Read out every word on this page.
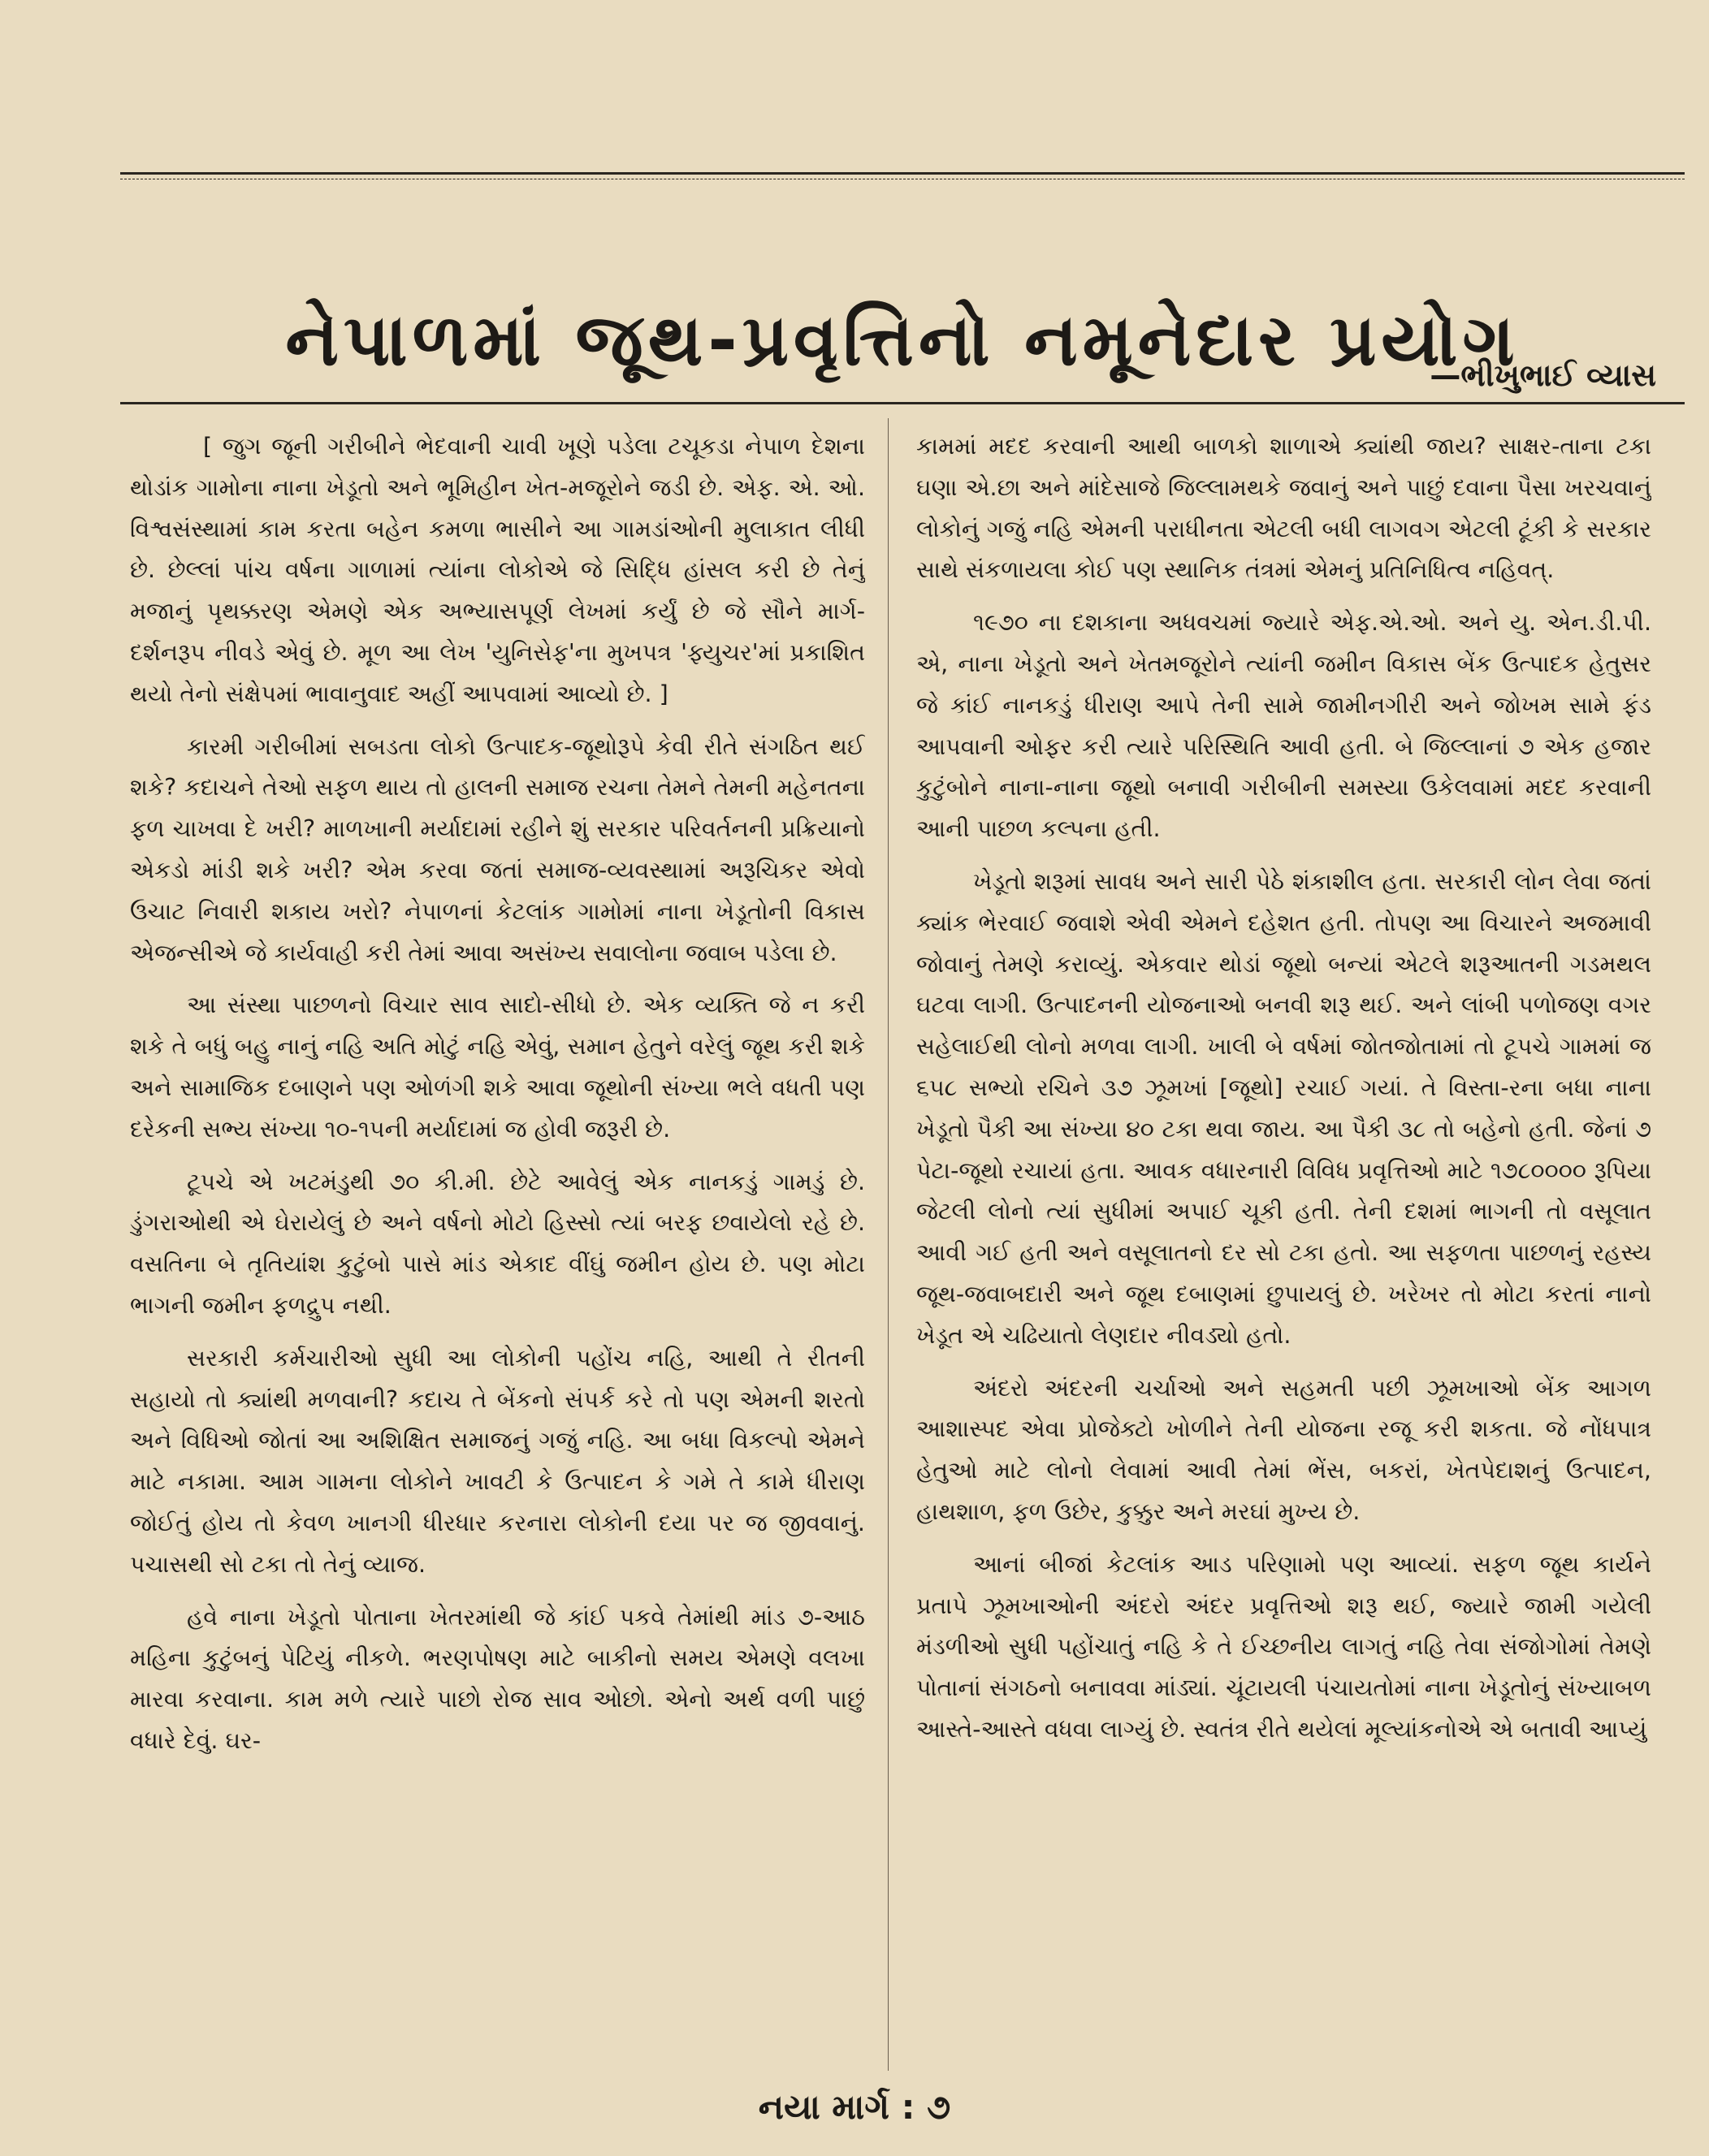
નેપાળમાં જૂથ-પ્રવૃત્તિનો નમૂનેદાર પ્રયોગ
—ભીખુભાઈ વ્યાસ

[ જુગ જૂની ગરીબીને ભેદવાની ચાવી ખૂણે પડેલા ટચૂકડા નેપાળ દેશના થોડાંક ગામોના નાના ખેડૂતો અને ભૂમિહીન ખેત-મજૂરોને જડી છે. એફ. એ. ઓ. વિશ્વસંસ્થામાં કામ કરતા બહેન કમળા ભાસીને આ ગામડાંઓની મુલાકાત લીધી છે. છેલ્લાં પાંચ વર્ષના ગાળામાં ત્યાંના લોકોએ જે સિદ્ધિ હાંસલ કરી છે તેનું મજાનું પૃથક્કરણ એમણે એક અભ્યાસપૂર્ણ લેખમાં કર્યું છે જે સૌને માર્ગ-દર્શનરૂપ નીવડે એવું છે. મૂળ આ લેખ 'યુનિસેફ'ના મુખપત્ર 'ફ્યુચર'માં પ્રકાશિત થયો તેનો સંક્ષેપમાં ભાવાનુવાદ અહીં આપવામાં આવ્યો છે. ]

કારમી ગરીબીમાં સબડતા લોકો ઉત્પાદક-જૂથોરૂપે કેવી રીતે સંગઠિત થઈ શકે? કદાચને તેઓ સફળ થાય તો હાલની સમાજ રચના તેમને તેમની મહેનતના ફળ ચાખવા દે ખરી? માળખાની મર્યાદામાં રહીને શું સરકાર પરિવર્તનની પ્રક્રિયાનો એકડો માંડી શકે ખરી? એમ કરવા જતાં સમાજ-વ્યવસ્થામાં અરૂચિકર એવો ઉચાટ નિવારી શકાય ખરો? નેપાળનાં કેટલાંક ગામોમાં નાના ખેડૂતોની વિકાસ એજન્સીએ જે કાર્યવાહી કરી તેમાં આવા અસંખ્ય સવાલોના જવાબ પડેલા છે.

આ સંસ્થા પાછળનો વિચાર સાવ સાદો-સીધો છે. એક વ્યક્તિ જે ન કરી શકે તે બધું બહુ નાનું નહિ અતિ મોટું નહિ એવું, સમાન હેતુને વરેલું જૂથ કરી શકે અને સામાજિક દબાણને પણ ઓળંગી શકે આવા જૂથોની સંખ્યા ભલે વધતી પણ દરેકની સભ્ય સંખ્યા ૧૦-૧૫ની મર્યાદામાં જ હોવી જરૂરી છે.

ટૂપચે એ ખટમંડુથી ૭૦ કી.મી. છેટે આવેલું એક નાનકડું ગામડું છે. ડુંગરાઓથી એ ઘેરાયેલું છે અને વર્ષનો મોટો હિસ્સો ત્યાં બરફ છવાયેલો રહે છે. વસતિના બે તૃતિયાંશ કુટુંબો પાસે માંડ એકાદ વીંઘું જમીન હોય છે. પણ મોટા ભાગની જમીન ફળદ્રુપ નથી.

સરકારી કર્મચારીઓ સુધી આ લોકોની પહોંચ નહિ, આથી તે રીતની સહાયો તો ક્યાંથી મળવાની? કદાચ તે બેંકનો સંપર્ક કરે તો પણ એમની શરતો અને વિધિઓ જોતાં આ અશિક્ષિત સમાજનું ગજું નહિ. આ બધા વિકલ્પો એમને માટે નકામા. આમ ગામના લોકોને ખાવટી કે ઉત્પાદન કે ગમે તે કામે ધીરાણ જોઈતું હોય તો કેવળ ખાનગી ધીરધાર કરનારા લોકોની દયા પર જ જીવવાનું. પચાસથી સો ટકા તો તેનું વ્યાજ.

હવે નાના ખેડૂતો પોતાના ખેતરમાંથી જે કાંઈ પકવે તેમાંથી માંડ ૭-આઠ મહિના કુટુંબનું પેટિયું નીકળે. ભરણપોષણ માટે બાકીનો સમય એમણે વલખા મારવા કરવાના. કામ મળે ત્યારે પાછો રોજ સાવ ઓછો. એનો અર્થ વળી પાછું વધારે દેવું. ઘર-

કામમાં મદદ કરવાની આથી બાળકો શાળાએ ક્યાંથી જાય? સાક્ષર-તાના ટકા ઘણા એ.છા અને માંદેસાજે જિલ્લામથકે જવાનું અને પાછું દવાના પૈસા ખરચવાનું લોકોનું ગજું નહિ એમની પરાધીનતા એટલી બધી લાગવગ એટલી ટૂંકી કે સરકાર સાથે સંકળાયલા કોઈ પણ સ્થાનિક તંત્રમાં એમનું પ્રતિનિધિત્વ નહિવત્.

૧૯૭૦ ના દશકાના અધવચમાં જ્યારે એફ.એ.ઓ. અને યુ. એન.ડી.પી. એ, નાના ખેડૂતો અને ખેતમજૂરોને ત્યાંની જમીન વિકાસ બેંક ઉત્પાદક હેતુસર જે કાંઈ નાનકડું ધીરાણ આપે તેની સામે જામીનગીરી અને જોખમ સામે ફંડ આપવાની ઓફર કરી ત્યારે પરિસ્થિતિ આવી હતી. બે જિલ્લાનાં ૭ એક હજાર કુટુંબોને નાના-નાના જૂથો બનાવી ગરીબીની સમસ્યા ઉકેલવામાં મદદ કરવાની આની પાછળ કલ્પના હતી.

ખેડૂતો શરૂમાં સાવધ અને સારી પેઠે શંકાશીલ હતા. સરકારી લોન લેવા જતાં ક્યાંક ભેરવાઈ જવાશે એવી એમને દહેશત હતી. તોપણ આ વિચારને અજમાવી જોવાનું તેમણે કરાવ્યું. એકવાર થોડાં જૂથો બન્યાં એટલે શરૂઆતની ગડમથલ ઘટવા લાગી. ઉત્પાદનની યોજનાઓ બનવી શરૂ થઈ. અને લાંબી પળોજણ વગર સહેલાઈથી લોનો મળવા લાગી. ખાલી બે વર્ષમાં જોતજોતામાં તો ટૂપચે ગામમાં જ ૬૫૮ સભ્યો રચિને ૩૭ ઝૂમખાં [જૂથો] રચાઈ ગયાં. તે વિસ્તા-રના બધા નાના ખેડૂતો પૈકી આ સંખ્યા ૪૦ ટકા થવા જાય. આ પૈકી ૩૮ તો બહેનો હતી. જેનાં ૭ પેટા-જૂથો રચાયાં હતા. આવક વધારનારી વિવિધ પ્રવૃત્તિઓ માટે ૧૭૮૦૦૦૦ રૂપિયા જેટલી લોનો ત્યાં સુધીમાં અપાઈ ચૂકી હતી. તેની દશમાં ભાગની તો વસૂલાત આવી ગઈ હતી અને વસૂલાતનો દર સો ટકા હતો. આ સફળતા પાછળનું રહસ્ય જૂથ-જવાબદારી અને જૂથ દબાણમાં છુપાયલું છે. ખરેખર તો મોટા કરતાં નાનો ખેડૂત એ ચઢિયાતો લેણદાર નીવડ્યો હતો.

અંદરો અંદરની ચર્ચાઓ અને સહમતી પછી ઝૂમખાઓ બેંક આગળ આશાસ્પદ એવા પ્રોજેક્ટો ખોળીને તેની યોજના રજૂ કરી શકતા. જે નોંધપાત્ર હેતુઓ માટે લોનો લેવામાં આવી તેમાં ભેંસ, બકરાં, ખેતપેદાશનું ઉત્પાદન, હાથશાળ, ફળ ઉછેર, કુક્કુર અને મરઘાં મુખ્ય છે.

આનાં બીજાં કેટલાંક આડ પરિણામો પણ આવ્યાં. સફળ જૂથ કાર્યને પ્રતાપે ઝૂમખાઓની અંદરો અંદર પ્રવૃત્તિઓ શરૂ થઈ, જ્યારે જામી ગયેલી મંડળીઓ સુધી પહોંચાતું નહિ કે તે ઈચ્છનીય લાગતું નહિ તેવા સંજોગોમાં તેમણે પોતાનાં સંગઠનો બનાવવા માંડ્યાં. ચૂંટાયલી પંચાયતોમાં નાના ખેડૂતોનું સંખ્યાબળ આસ્તે-આસ્તે વધવા લાગ્યું છે. સ્વતંત્ર રીતે થયેલાં મૂલ્યાંકનોએ એ બતાવી આપ્યું

નયા માર્ગ : ૭
